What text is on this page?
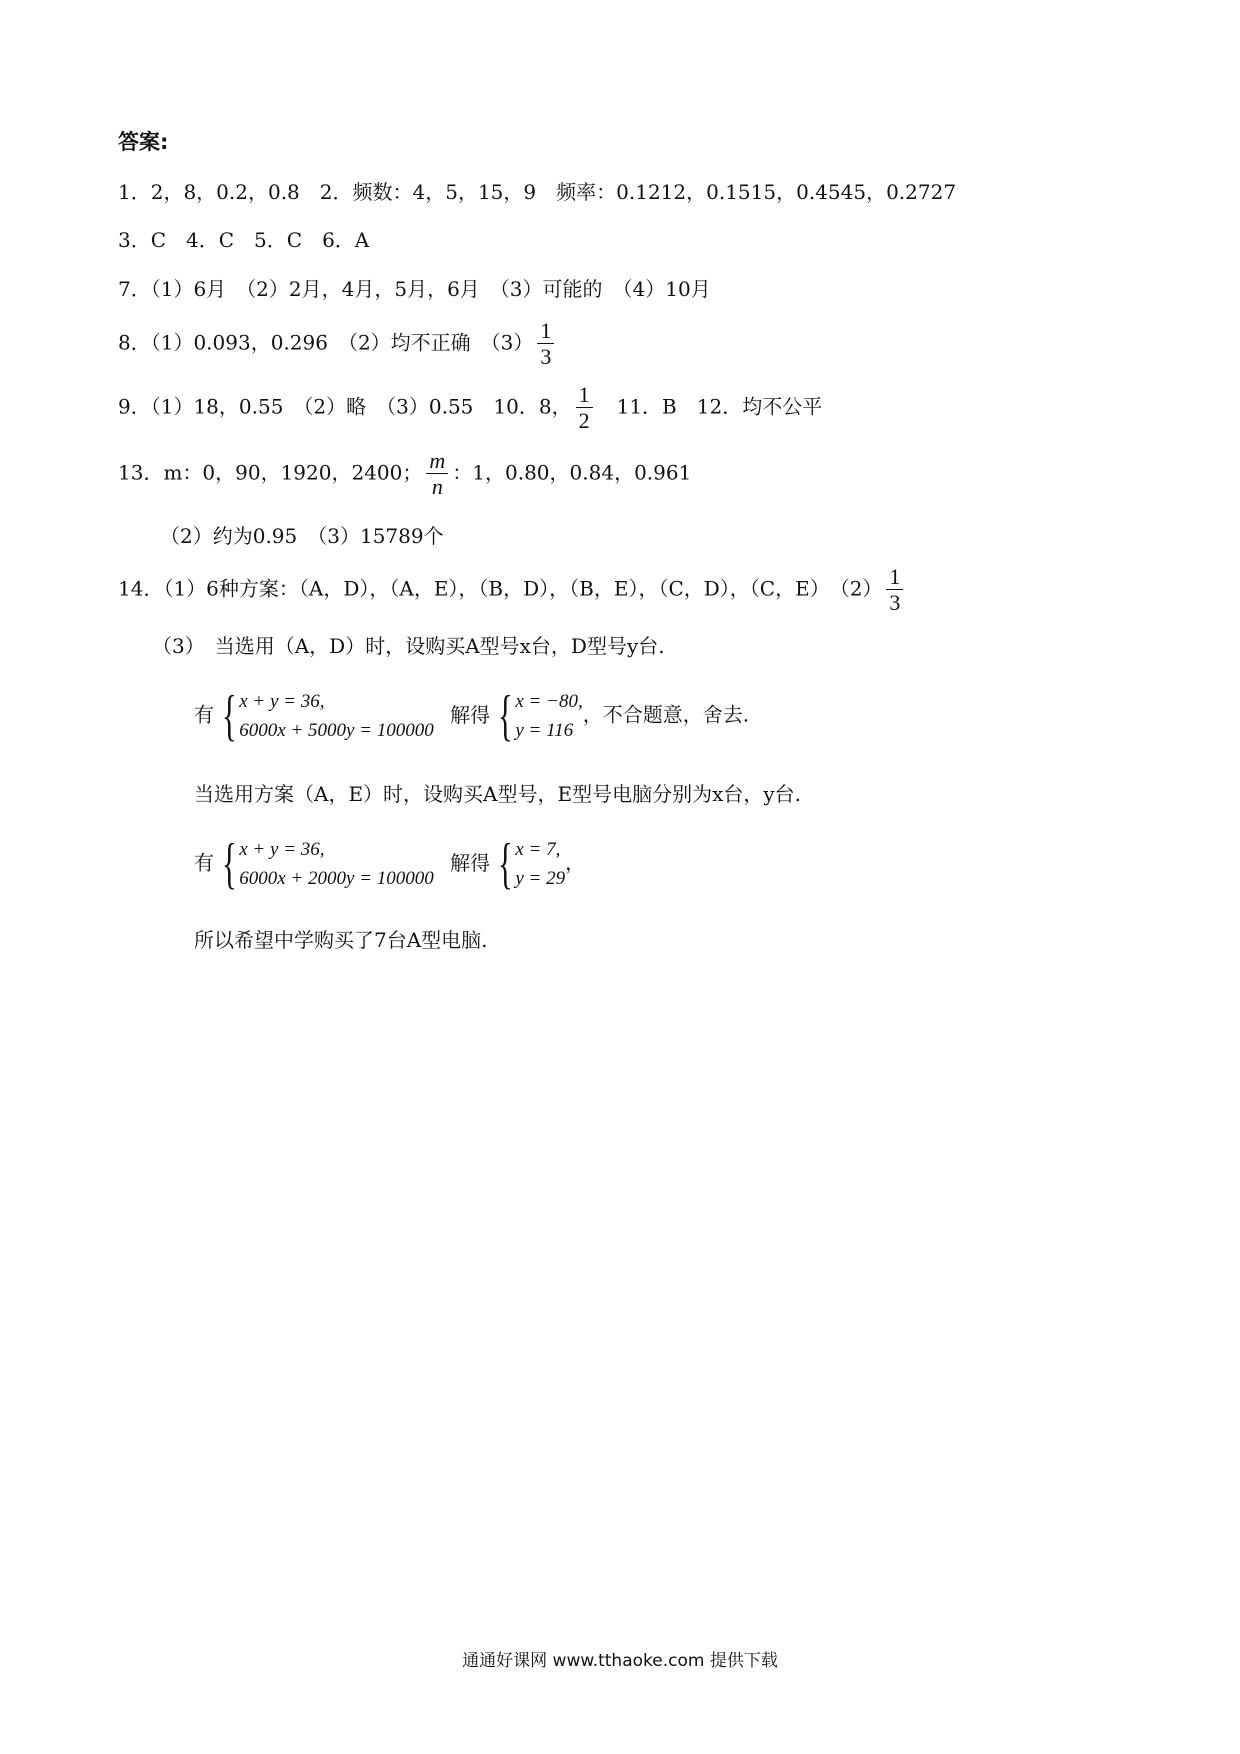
答案:
1．2，8，0.2，0.8　2．频数：4，5，15，9　频率：0.1212，0.1515，0.4545，0.2727
3．C　4．C　5．C　6．A
7．（1）6月　（2）2月，4月，5月，6月　（3）可能的　（4）10月
8．（1）0.093，0.296　（2）均不正确　$(3) \frac{1}{3}$
9．（1）18，0.55　（2）略　（3）0.55　10．8， $\frac{1}{2}$ 　11．B　12．均不公平
13．m：0，90，1920，2400； $\frac{m}{n}$ ：1，0.80，0.84，0.961
（2）约为0.95　（3）15789个
14．（1）6种方案：（A，D），（A，E），（B，D），（B，E），（C，D），（C，E）　$(2) \frac{1}{3}$
（3）　当选用（A，D）时，设购买A型号x台，D型号y台.
有 { x + y = 36,
6000x + 5000y = 100000
解得 { x = −80,
y = 116
，不合题意，舍去.
当选用方案（A，E）时，设购买A型号，E型号电脑分别为x台，y台.
有 { x + y = 36,
6000x + 2000y = 100000
解得 { x = 7,
y = 29
，
所以希望中学购买了7台A型电脑.
通通好课网 www.tthaoke.com 提供下载
